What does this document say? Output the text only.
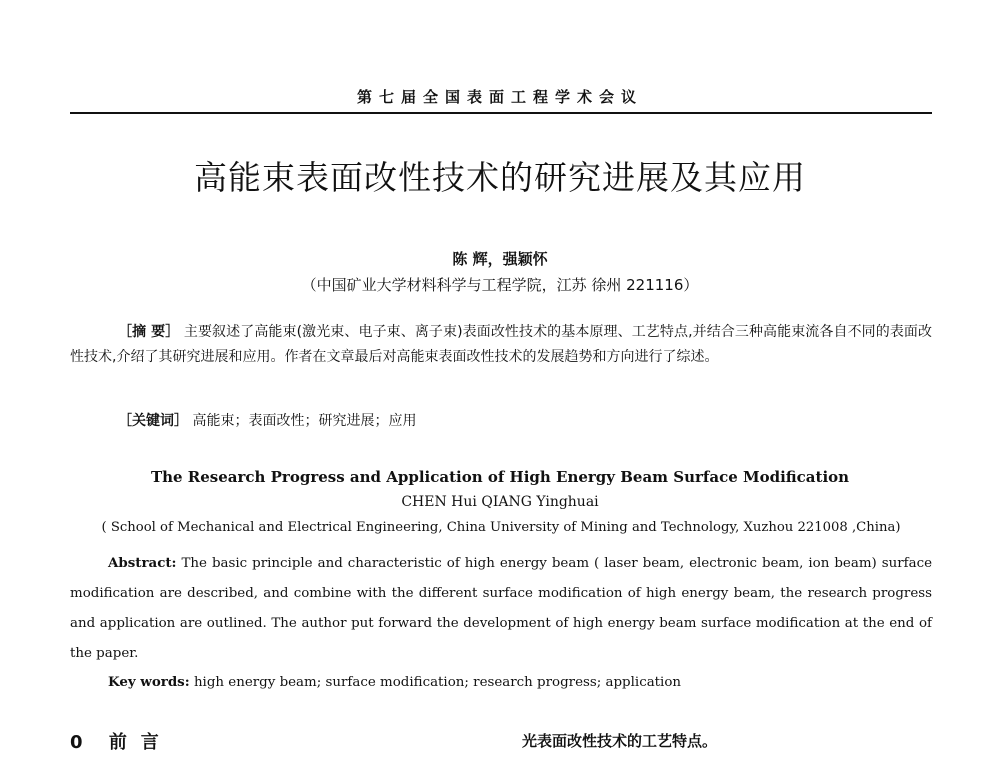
第七届全国表面工程学术会议
高能束表面改性技术的研究进展及其应用
陈 辉，强颖怀
（中国矿业大学材料科学与工程学院，江苏 徐州 221116）
［摘 要］ 主要叙述了高能束(激光束、电子束、离子束)表面改性技术的基本原理、工艺特点,并结合三种高能束流各自不同的表面改性技术,介绍了其研究进展和应用。作者在文章最后对高能束表面改性技术的发展趋势和方向进行了综述。
［关键词］ 高能束；表面改性；研究进展；应用
The Research Progress and Application of High Energy Beam Surface Modification
CHEN Hui QIANG Yinghuai
( School of Mechanical and Electrical Engineering, China University of Mining and Technology, Xuzhou 221008 ,China)
Abstract: The basic principle and characteristic of high energy beam ( laser beam, electronic beam, ion beam) surface modification are described, and combine with the different surface modification of high energy beam, the research progress and application are outlined. The author put forward the development of high energy beam surface modification at the end of the paper.
Key words: high energy beam; surface modification; research progress; application
0 前言	光表面改性技术的工艺特点。
